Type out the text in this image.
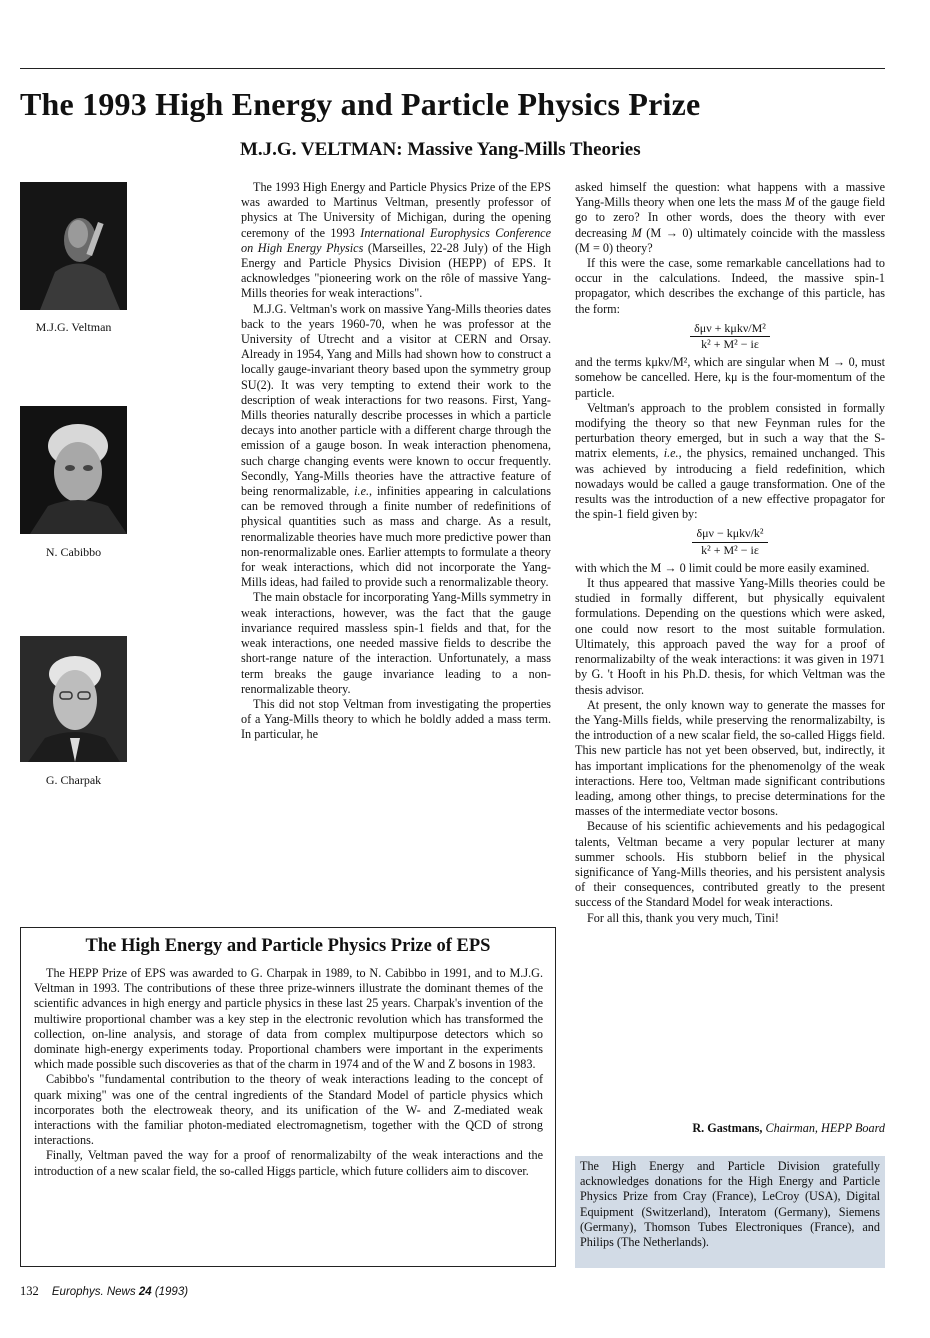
The 1993 High Energy and Particle Physics Prize
M.J.G. VELTMAN: Massive Yang-Mills Theories
M.J.G. Veltman
N. Cabibbo
G. Charpak

The 1993 High Energy and Particle Physics Prize of the EPS was awarded to Martinus Veltman, presently professor of physics at The University of Michigan, during the opening ceremony of the 1993 International Europhysics Conference on High Energy Physics (Marseilles, 22-28 July) of the High Energy and Particle Physics Division (HEPP) of EPS. It acknowledges "pioneering work on the rôle of massive Yang-Mills theories for weak interactions".

M.J.G. Veltman's work on massive Yang-Mills theories dates back to the years 1960-70, when he was professor at the University of Utrecht and a visitor at CERN and Orsay. Already in 1954, Yang and Mills had shown how to construct a locally gauge-invariant theory based upon the symmetry group SU(2). It was very tempting to extend their work to the description of weak interactions for two reasons. First, Yang-Mills theories naturally describe processes in which a particle decays into another particle with a different charge through the emission of a gauge boson. In weak interaction phenomena, such charge changing events were known to occur frequently. Secondly, Yang-Mills theories have the attractive feature of being renormalizable, i.e., infinities appearing in calculations can be removed through a finite number of redefinitions of physical quantities such as mass and charge. As a result, renormalizable theories have much more predictive power than non-renormalizable ones. Earlier attempts to formulate a theory for weak interactions, which did not incorporate the Yang-Mills ideas, had failed to provide such a renormalizable theory.

The main obstacle for incorporating Yang-Mills symmetry in weak interactions, however, was the fact that the gauge invariance required massless spin-1 fields and that, for the weak interactions, one needed massive fields to describe the short-range nature of the interaction. Unfortunately, a mass term breaks the gauge invariance leading to a non-renormalizable theory.

This did not stop Veltman from investigating the properties of a Yang-Mills theory to which he boldly added a mass term. In particular, he

asked himself the question: what happens with a massive Yang-Mills theory when one lets the mass M of the gauge field go to zero? In other words, does the theory with ever decreasing M (M → 0) ultimately coincide with the massless (M = 0) theory?

If this were the case, some remarkable cancellations had to occur in the calculations. Indeed, the massive spin-1 propagator, which describes the exchange of this particle, has the form:

$\frac{\text{δμν + kμkν/M²}}{\text{k² + M² − iε}}$

and the terms kμkν/M², which are singular when M → 0, must somehow be cancelled. Here, kμ is the four-momentum of the particle.

Veltman's approach to the problem consisted in formally modifying the theory so that new Feynman rules for the perturbation theory emerged, but in such a way that the S-matrix elements, i.e., the physics, remained unchanged. This was achieved by introducing a field redefinition, which nowadays would be called a gauge transformation. One of the results was the introduction of a new effective propagator for the spin-1 field given by:

$\frac{\text{δμν − kμkν/k²}}{\text{k² + M² − iε}}$

with which the M → 0 limit could be more easily examined.

It thus appeared that massive Yang-Mills theories could be studied in formally different, but physically equivalent formulations. Depending on the questions which were asked, one could now resort to the most suitable formulation. Ultimately, this approach paved the way for a proof of renormalizabilty of the weak interactions: it was given in 1971 by G. 't Hooft in his Ph.D. thesis, for which Veltman was the thesis advisor.

At present, the only known way to generate the masses for the Yang-Mills fields, while preserving the renormalizabilty, is the introduction of a new scalar field, the so-called Higgs field. This new particle has not yet been observed, but, indirectly, it has important implications for the phenomenolgy of the weak interactions. Here too, Veltman made significant contributions leading, among other things, to precise determinations for the masses of the intermediate vector bosons.

Because of his scientific achievements and his pedagogical talents, Veltman became a very popular lecturer at many summer schools. His stubborn belief in the physical significance of Yang-Mills theories, and his persistent analysis of their consequences, contributed greatly to the present success of the Standard Model for weak interactions.

For all this, thank you very much, Tini!

R. Gastmans, Chairman, HEPP Board
The High Energy and Particle Division gratefully acknowledges donations for the High Energy and Particle Physics Prize from Cray (France), LeCroy (USA), Digital Equipment (Switzerland), Interatom (Germany), Siemens (Germany), Thomson Tubes Electroniques (France), and Philips (The Netherlands).
The High Energy and Particle Physics Prize of EPS

The HEPP Prize of EPS was awarded to G. Charpak in 1989, to N. Cabibbo in 1991, and to M.J.G. Veltman in 1993. The contributions of these three prize-winners illustrate the dominant themes of the scientific advances in high energy and particle physics in these last 25 years. Charpak's invention of the multiwire proportional chamber was a key step in the electronic revolution which has transformed the collection, on-line analysis, and storage of data from complex multipurpose detectors which so dominate high-energy experiments today. Proportional chambers were important in the experiments which made possible such discoveries as that of the charm in 1974 and of the W and Z bosons in 1983.

Cabibbo's "fundamental contribution to the theory of weak interactions leading to the concept of quark mixing" was one of the central ingredients of the Standard Model of particle physics which incorporates both the electroweak theory, and its unification of the W- and Z-mediated weak interactions with the familiar photon-mediated electromagnetism, together with the QCD of strong interactions.

Finally, Veltman paved the way for a proof of renormalizabilty of the weak interactions and the introduction of a new scalar field, the so-called Higgs particle, which future colliders aim to discover.

132 Europhys. News 24 (1993)
